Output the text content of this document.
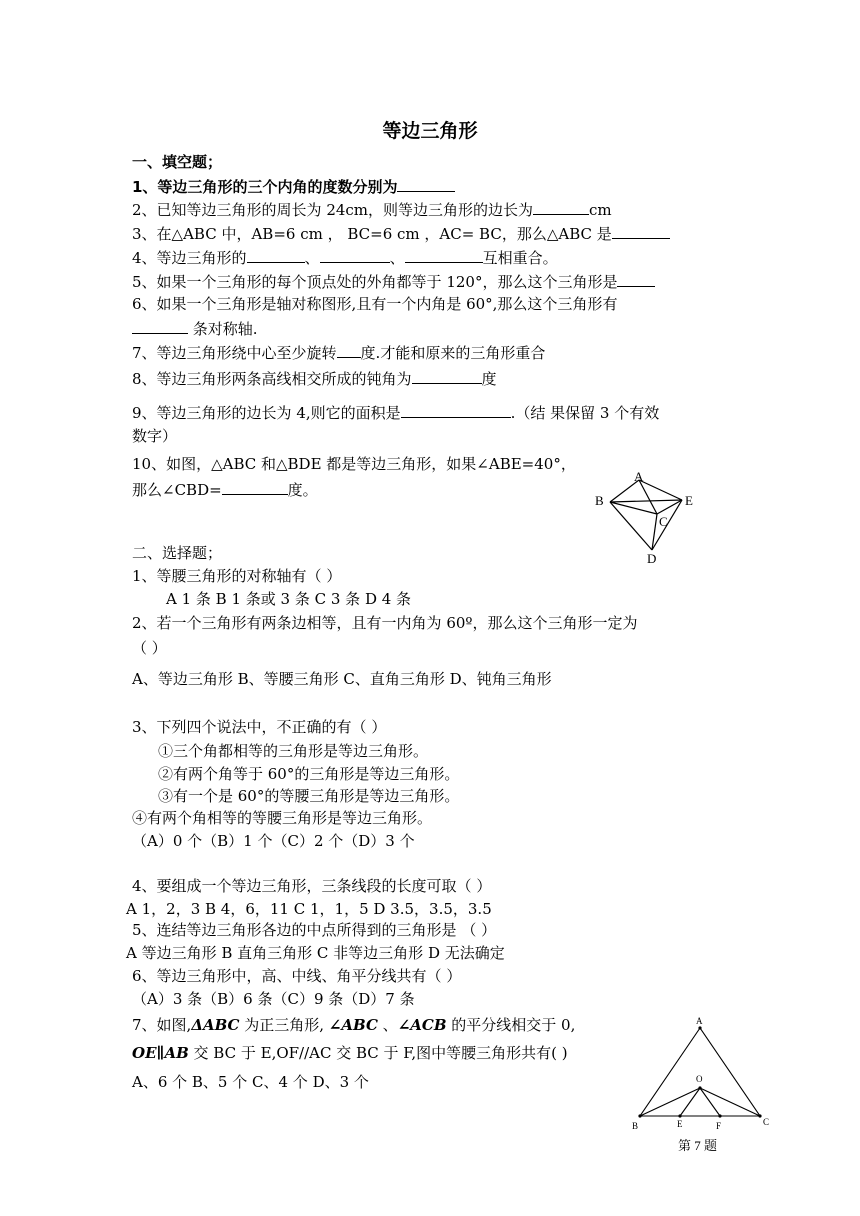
等边三角形
一、填空题；
1、等边三角形的三个内角的度数分别为
2、已知等边三角形的周长为 24cm，则等边三角形的边长为	cm
3、在△ABC 中，AB=6 cm ， BC=6 cm ，AC= BC，那么△ABC 是
4、等边三角形的	、	、	互相重合。
5、如果一个三角形的每个顶点处的外角都等于 120°，那么这个三角形是
6、如果一个三角形是轴对称图形,且有一个内角是 60°,那么这个三角形有
条对称轴.
7、等边三角形绕中心至少旋转 度.才能和原来的三角形重合
8、等边三角形两条高线相交所成的钝角为	度
9、等边三角形的边长为 4,则它的面积是	.（结 果保留 3 个有效
数字）
10、如图，△ABC 和△BDE 都是等边三角形，如果∠ABE=40°，
那么∠CBD=	度。
A
B	E
C
D
二、选择题；
1、等腰三角形的对称轴有（ ）
A 1 条 B 1 条或 3 条 C 3 条 D 4 条
2、若一个三角形有两条边相等，且有一内角为 60º，那么这个三角形一定为
（ ）
A、等边三角形 B、等腰三角形 C、直角三角形 D、钝角三角形
3、下列四个说法中，不正确的有（ ）
①三个角都相等的三角形是等边三角形。
②有两个角等于 60°的三角形是等边三角形。
③有一个是 60°的等腰三角形是等边三角形。
④有两个角相等的等腰三角形是等边三角形。
（A）0 个（B）1 个（C）2 个（D）3 个
4、要组成一个等边三角形，三条线段的长度可取（ ）
A 1，2，3 B 4，6，11 C 1，1，5 D 3.5，3.5，3.5
5、连结等边三角形各边的中点所得到的三角形是 （ ）
A 等边三角形 B 直角三角形 C 非等边三角形 D 无法确定
6、等边三角形中，高、中线、角平分线共有（ ）
（A）3 条（B）6 条（C）9 条（D）7 条
7、如图,ΔABC 为正三角形, ∠ABC 、∠ACB 的平分线相交于 0,
OE∥AB 交 BC 于 E,OF//AC 交 BC 于 F,图中等腰三角形共有( )
A、6 个 B、5 个 C、4 个 D、3 个
A
B	C
O
E	F
第 7 题
